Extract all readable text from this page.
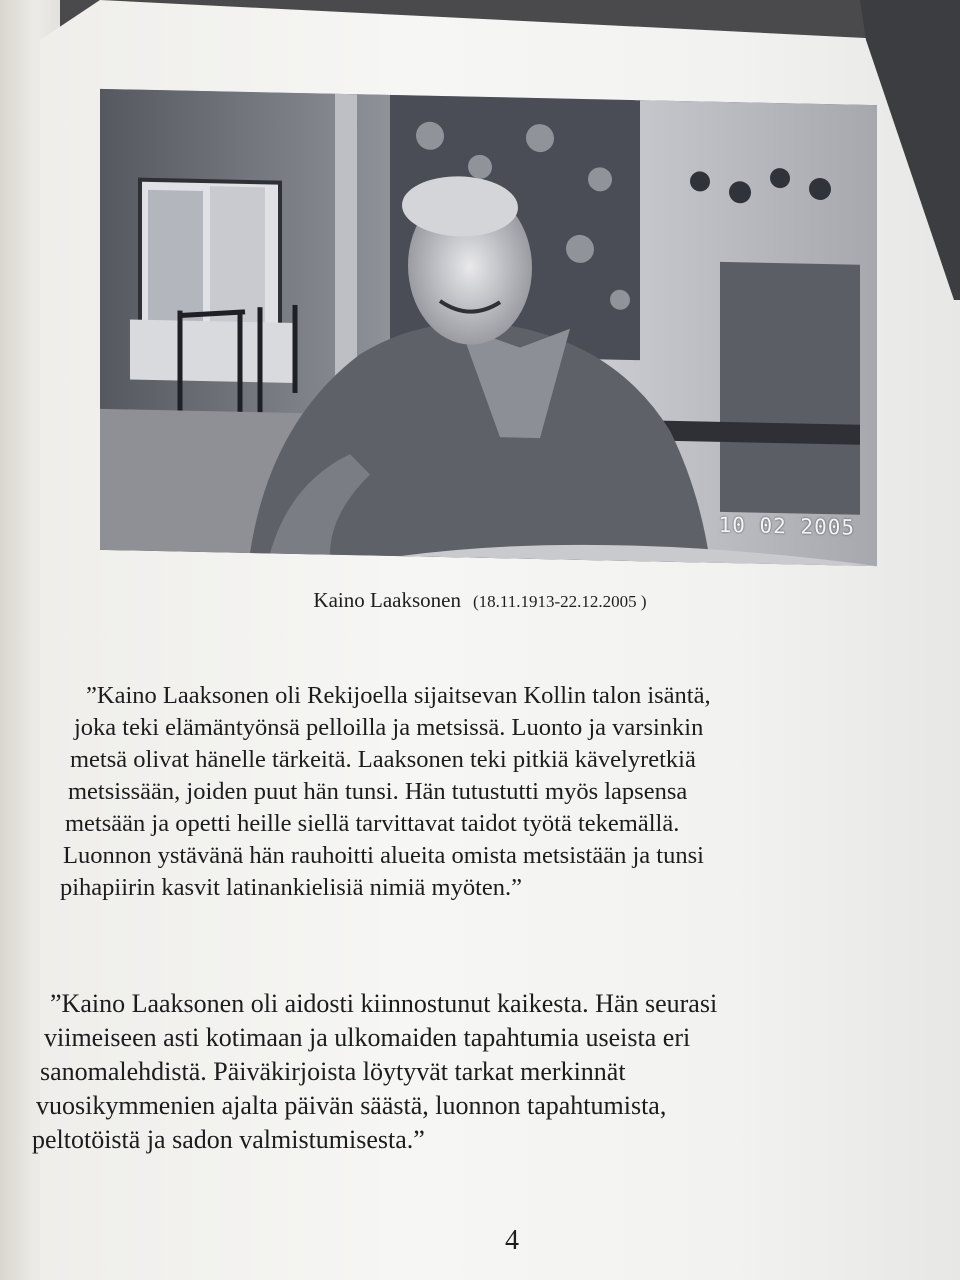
10 02 2005
Kaino Laaksonen (18.11.1913-22.12.2005 )
”Kaino Laaksonen oli Rekijoella sijaitsevan Kollin talon isäntä,
joka teki elämäntyönsä pelloilla ja metsissä. Luonto ja varsinkin
metsä olivat hänelle tärkeitä. Laaksonen teki pitkiä kävelyretkiä
metsissään, joiden puut hän tunsi. Hän tutustutti myös lapsensa
metsään ja opetti heille siellä tarvittavat taidot työtä tekemällä.
Luonnon ystävänä hän rauhoitti alueita omista metsistään ja tunsi
pihapiirin kasvit latinankielisiä nimiä myöten.”
”Kaino Laaksonen oli aidosti kiinnostunut kaikesta. Hän seurasi
viimeiseen asti kotimaan ja ulkomaiden tapahtumia useista eri
sanomalehdistä. Päiväkirjoista löytyvät tarkat merkinnät
vuosikymmenien ajalta päivän säästä, luonnon tapahtumista,
peltotöistä ja sadon valmistumisesta.”
4
